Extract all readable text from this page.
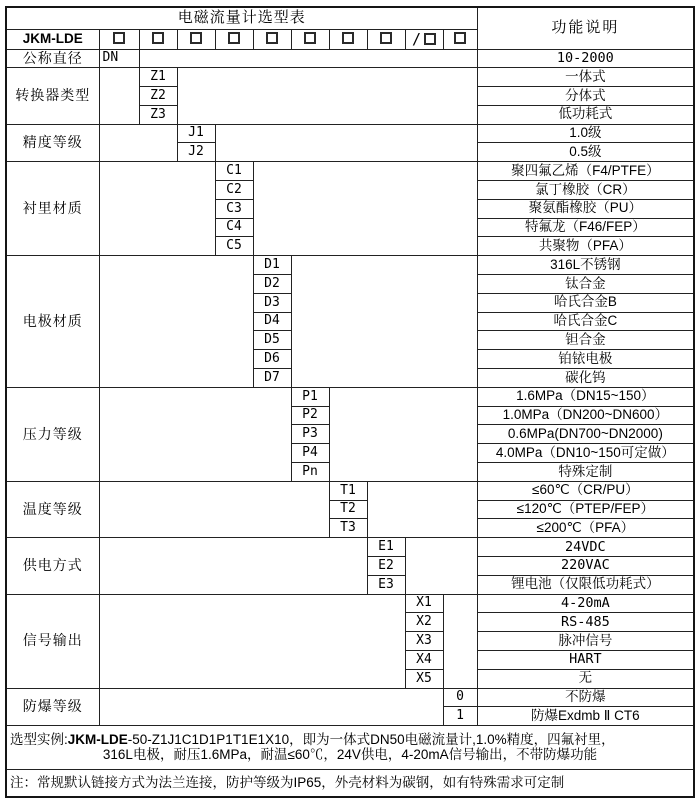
电磁流量计选型表											功能说明
JKM-LDE									/		
公称直径	DN										10-2000
转换器类型		Z1									一体式
		Z2									分体式
		Z3									低功耗式
精度等级			J1								1.0级
			J2								0.5级
衬里材质				C1							聚四氟乙烯（F4/PTFE）
				C2							氯丁橡胶（CR）
				C3							聚氨酯橡胶（PU）
				C4							特氟龙（F46/FEP）
				C5							共聚物（PFA）
电极材质					D1						316L不锈钢
					D2						钛合金
					D3						哈氏合金B
					D4						哈氏合金C
					D5						钽合金
					D6						铂铱电极
					D7						碳化钨
压力等级						P1					1.6MPa（DN15~150）
						P2					1.0MPa（DN200~DN600）
						P3					0.6MPa(DN700~DN2000)
						P4					4.0MPa（DN10~150可定做）
						Pn					特殊定制
温度等级							T1				≤60℃（CR/PU）
							T2				≤120℃（PTEP/FEP）
							T3				≤200℃（PFA）
供电方式								E1			24VDC
								E2			220VAC
								E3			锂电池（仅限低功耗式）
信号输出									X1		4-20mA
									X2		RS-485
									X3		脉冲信号
									X4		HART
									X5		无
防爆等级										0	不防爆
										1	防爆Exdmb Ⅱ CT6

选型实例:JKM-LDE-50-Z1J1C1D1P1T1E1X10，即为一体式DN50电磁流量计,1.0%精度，四氟衬里，
316L电极，耐压1.6MPa，耐温≤60℃，24V供电，4-20mA信号输出，不带防爆功能											

注：常规默认链接方式为法兰连接，防护等级为IP65，外壳材料为碳钢，如有特殊需求可定制											
